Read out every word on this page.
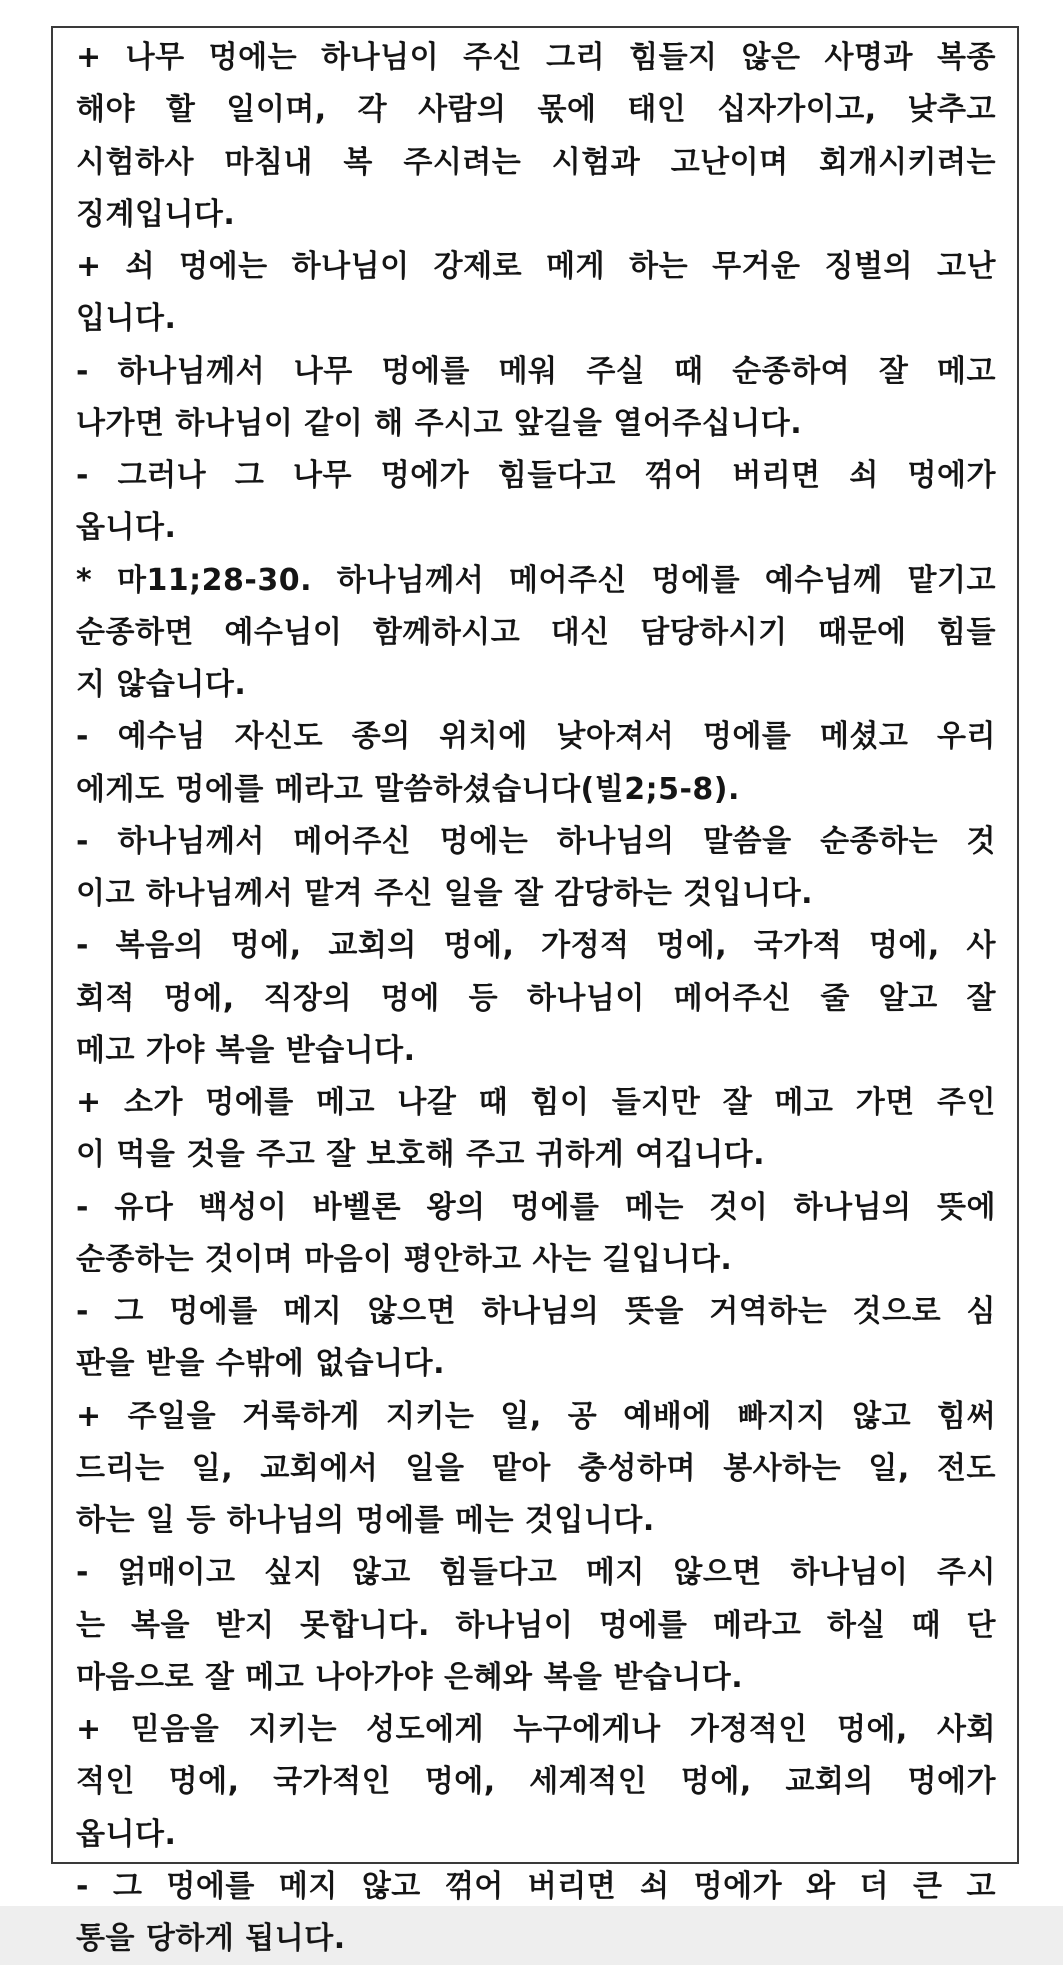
+ 나무 멍에는 하나님이 주신 그리 힘들지 않은 사명과 복종
해야 할 일이며, 각 사람의 몫에 태인 십자가이고, 낮추고
시험하사 마침내 복 주시려는 시험과 고난이며 회개시키려는
징계입니다.
+ 쇠 멍에는 하나님이 강제로 메게 하는 무거운 징벌의 고난
입니다.
- 하나님께서 나무 멍에를 메워 주실 때 순종하여 잘 메고
나가면 하나님이 같이 해 주시고 앞길을 열어주십니다.
- 그러나 그 나무 멍에가 힘들다고 꺾어 버리면 쇠 멍에가
옵니다.
* 마11;28-30. 하나님께서 메어주신 멍에를 예수님께 맡기고
순종하면 예수님이 함께하시고 대신 담당하시기 때문에 힘들
지 않습니다.
- 예수님 자신도 종의 위치에 낮아져서 멍에를 메셨고 우리
에게도 멍에를 메라고 말씀하셨습니다(빌2;5-8).
- 하나님께서 메어주신 멍에는 하나님의 말씀을 순종하는 것
이고 하나님께서 맡겨 주신 일을 잘 감당하는 것입니다.
- 복음의 멍에, 교회의 멍에, 가정적 멍에, 국가적 멍에, 사
회적 멍에, 직장의 멍에 등 하나님이 메어주신 줄 알고 잘
메고 가야 복을 받습니다.
+ 소가 멍에를 메고 나갈 때 힘이 들지만 잘 메고 가면 주인
이 먹을 것을 주고 잘 보호해 주고 귀하게 여깁니다.
- 유다 백성이 바벨론 왕의 멍에를 메는 것이 하나님의 뜻에
순종하는 것이며 마음이 평안하고 사는 길입니다.
- 그 멍에를 메지 않으면 하나님의 뜻을 거역하는 것으로 심
판을 받을 수밖에 없습니다.
+ 주일을 거룩하게 지키는 일, 공 예배에 빠지지 않고 힘써
드리는 일, 교회에서 일을 맡아 충성하며 봉사하는 일, 전도
하는 일 등 하나님의 멍에를 메는 것입니다.
- 얽매이고 싶지 않고 힘들다고 메지 않으면 하나님이 주시
는 복을 받지 못합니다. 하나님이 멍에를 메라고 하실 때 단
마음으로 잘 메고 나아가야 은혜와 복을 받습니다.
+ 믿음을 지키는 성도에게 누구에게나 가정적인 멍에, 사회
적인 멍에, 국가적인 멍에, 세계적인 멍에, 교회의 멍에가
옵니다.
- 그 멍에를 메지 않고 꺾어 버리면 쇠 멍에가 와 더 큰 고
통을 당하게 됩니다.
